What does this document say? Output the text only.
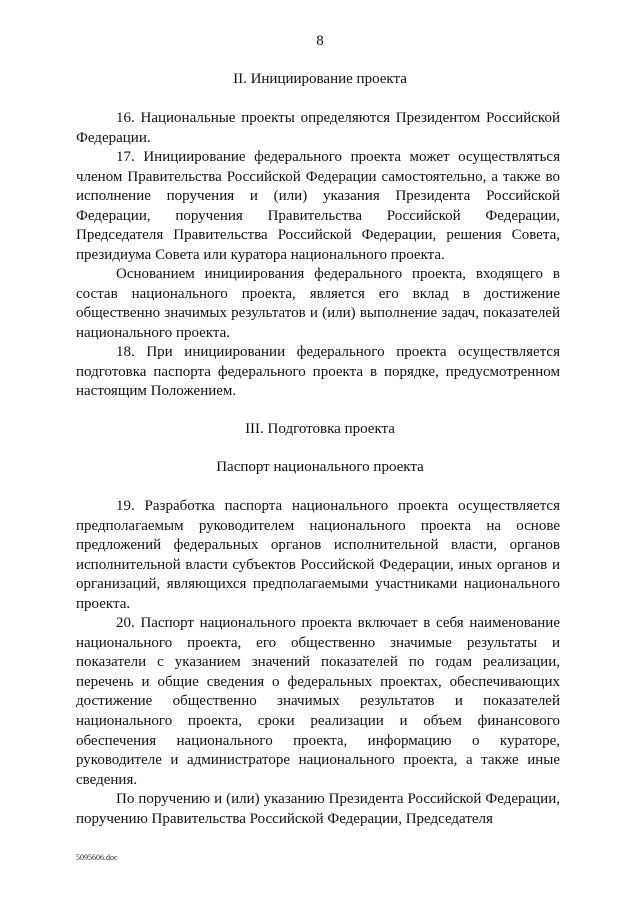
8
II. Инициирование проекта

16. Национальные проекты определяются Президентом Российской Федерации.

17. Инициирование федерального проекта может осуществляться членом Правительства Российской Федерации самостоятельно, а также во исполнение поручения и (или) указания Президента Российской Федерации, поручения Правительства Российской Федерации, Председателя Правительства Российской Федерации, решения Совета, президиума Совета или куратора национального проекта.

Основанием инициирования федерального проекта, входящего в состав национального проекта, является его вклад в достижение общественно значимых результатов и (или) выполнение задач, показателей национального проекта.

18. При инициировании федерального проекта осуществляется подготовка паспорта федерального проекта в порядке, предусмотренном настоящим Положением.

III. Подготовка проекта
Паспорт национального проекта

19. Разработка паспорта национального проекта осуществляется предполагаемым руководителем национального проекта на основе предложений федеральных органов исполнительной власти, органов исполнительной власти субъектов Российской Федерации, иных органов и организаций, являющихся предполагаемыми участниками национального проекта.

20. Паспорт национального проекта включает в себя наименование национального проекта, его общественно значимые результаты и показатели с указанием значений показателей по годам реализации, перечень и общие сведения о федеральных проектах, обеспечивающих достижение общественно значимых результатов и показателей национального проекта, сроки реализации и объем финансового обеспечения национального проекта, информацию о кураторе, руководителе и администраторе национального проекта, а также иные сведения.

По поручению и (или) указанию Президента Российской Федерации, поручению Правительства Российской Федерации, Председателя

5095606.doc
